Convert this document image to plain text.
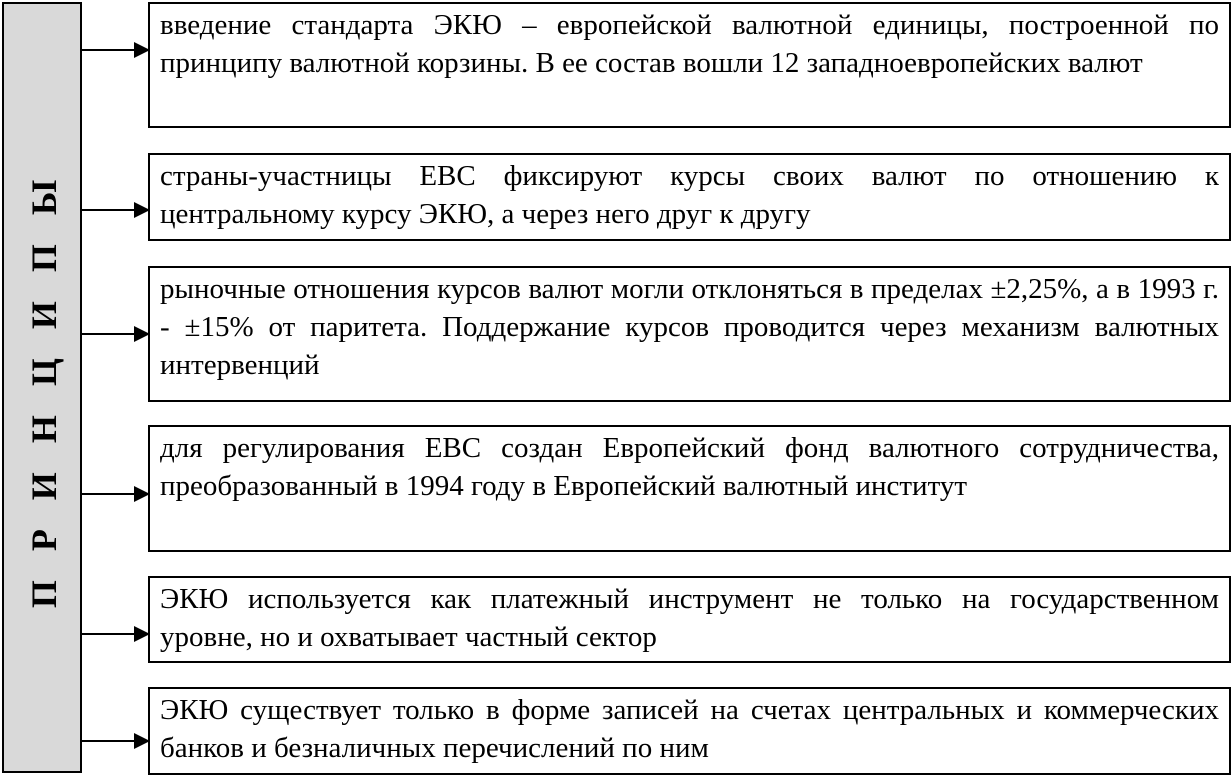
П Р И Н Ц И П Ы
введение стандарта ЭКЮ – европейской валютной единицы, построенной по принципу валютной корзины. В ее состав вошли 12 западноевропейских валют
страны-участницы ЕВС фиксируют курсы своих валют по отношению к центральному курсу ЭКЮ, а через него друг к другу
рыночные отношения курсов валют могли отклоняться в пределах ±2,25%, а в 1993 г. - ±15% от паритета. Поддержание курсов проводится через механизм валютных интервенций
для регулирования ЕВС создан Европейский фонд валютного сотрудничества, преобразованный в 1994 году в Европейский валютный институт
ЭКЮ используется как платежный инструмент не только на государственном уровне, но и охватывает частный сектор
ЭКЮ существует только в форме записей на счетах центральных и коммерческих банков и безналичных перечислений по ним
